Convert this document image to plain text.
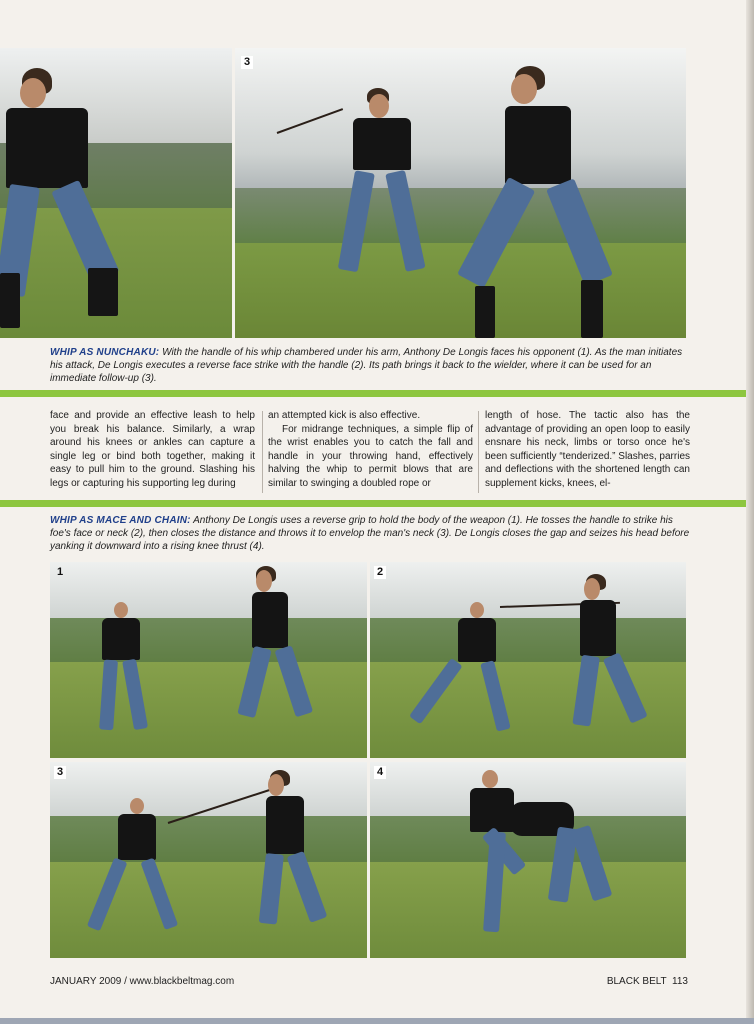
3
WHIP AS NUNCHAKU: With the handle of his whip chambered under his arm, Anthony De Longis faces his opponent (1). As the man initiates his attack, De Longis executes a reverse face strike with the handle (2). Its path brings it back to the wielder, where it can be used for an immediate follow-up (3).

face and provide an effective leash to help you break his balance. Similarly, a wrap around his knees or ankles can capture a single leg or bind both together, making it easy to pull him to the ground. Slashing his legs or capturing his supporting leg during

an attempted kick is also effective.

For midrange techniques, a simple flip of the wrist enables you to catch the fall and handle in your throwing hand, effectively halving the whip to permit blows that are similar to swinging a doubled rope or

length of hose. The tactic also has the advantage of providing an open loop to easily ensnare his neck, limbs or torso once he's been sufficiently “tenderized.” Slashes, parries and deflections with the shortened length can supplement kicks, knees, el-

WHIP AS MACE AND CHAIN: Anthony De Longis uses a reverse grip to hold the body of the weapon (1). He tosses the handle to strike his foe's face or neck (2), then closes the distance and throws it to envelop the man's neck (3). De Longis closes the gap and seizes his head before yanking it downward into a rising knee thrust (4).
1	2
3	4
JANUARY 2009 / www.blackbeltmag.com	BLACK BELT  113
